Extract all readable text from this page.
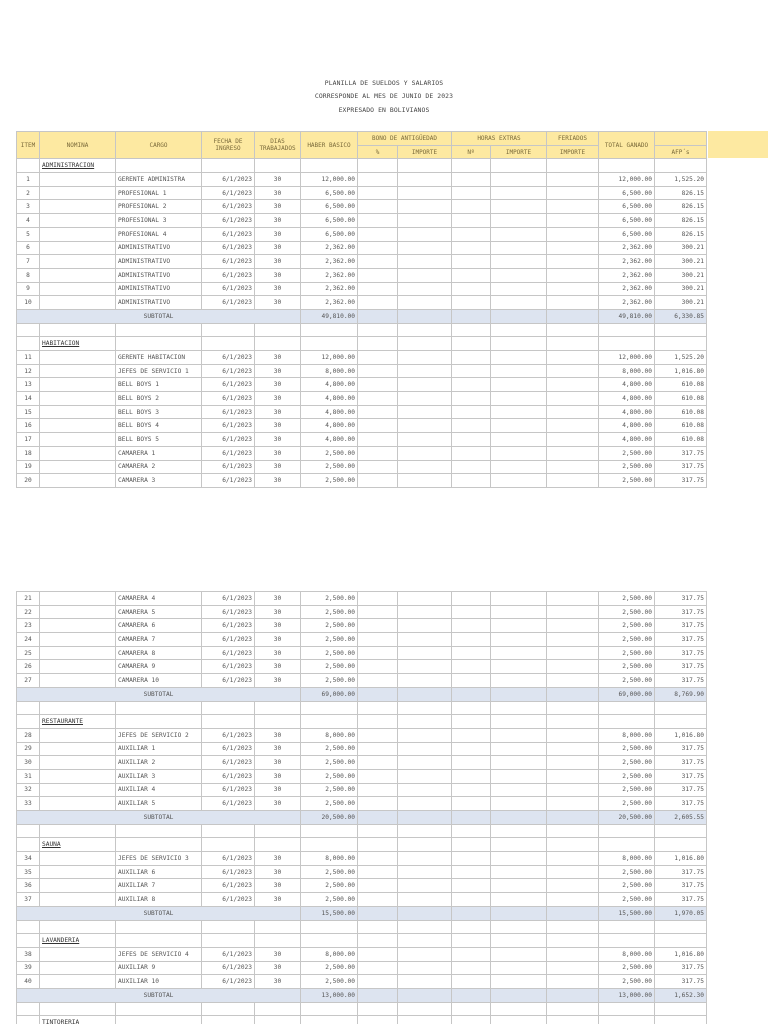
PLANILLA DE SUELDOS Y SALARIOS
CORRESPONDE AL MES DE JUNIO DE 2023
EXPRESADO EN BOLIVIANOS
ITEM	NOMINA	CARGO	FECHA DE INGRESO	DIAS TRABAJADOS	HABER BASICO	BONO DE ANTIGÜEDAD		HORAS EXTRAS		FERIADOS	TOTAL GANADO	
						%	IMPORTE	Nº	IMPORTE	IMPORTE		AFP´s
	ADMINISTRACION											
1		GERENTE ADMINISTRA	6/1/2023	30	12,000.00						12,000.00	1,525.20
2		PROFESIONAL 1	6/1/2023	30	6,500.00						6,500.00	826.15
3		PROFESIONAL 2	6/1/2023	30	6,500.00						6,500.00	826.15
4		PROFESIONAL 3	6/1/2023	30	6,500.00						6,500.00	826.15
5		PROFESIONAL 4	6/1/2023	30	6,500.00						6,500.00	826.15
6		ADMINISTRATIVO	6/1/2023	30	2,362.00						2,362.00	300.21
7		ADMINISTRATIVO	6/1/2023	30	2,362.00						2,362.00	300.21
8		ADMINISTRATIVO	6/1/2023	30	2,362.00						2,362.00	300.21
9		ADMINISTRATIVO	6/1/2023	30	2,362.00						2,362.00	300.21
10		ADMINISTRATIVO	6/1/2023	30	2,362.00						2,362.00	300.21
SUBTOTAL					49,810.00						49,810.00	6,330.85

	HABITACION											
11		GERENTE HABITACION	6/1/2023	30	12,000.00						12,000.00	1,525.20
12		JEFES DE SERVICIO 1	6/1/2023	30	8,000.00						8,000.00	1,016.80
13		BELL BOYS 1	6/1/2023	30	4,800.00						4,800.00	610.08
14		BELL BOYS 2	6/1/2023	30	4,800.00						4,800.00	610.08
15		BELL BOYS 3	6/1/2023	30	4,800.00						4,800.00	610.08
16		BELL BOYS 4	6/1/2023	30	4,800.00						4,800.00	610.08
17		BELL BOYS 5	6/1/2023	30	4,800.00						4,800.00	610.08
18		CAMARERA 1	6/1/2023	30	2,500.00						2,500.00	317.75
19		CAMARERA 2	6/1/2023	30	2,500.00						2,500.00	317.75
20		CAMARERA 3	6/1/2023	30	2,500.00						2,500.00	317.75
21		CAMARERA 4	6/1/2023	30	2,500.00						2,500.00	317.75
22		CAMARERA 5	6/1/2023	30	2,500.00						2,500.00	317.75
23		CAMARERA 6	6/1/2023	30	2,500.00						2,500.00	317.75
24		CAMARERA 7	6/1/2023	30	2,500.00						2,500.00	317.75
25		CAMARERA 8	6/1/2023	30	2,500.00						2,500.00	317.75
26		CAMARERA 9	6/1/2023	30	2,500.00						2,500.00	317.75
27		CAMARERA 10	6/1/2023	30	2,500.00						2,500.00	317.75
SUBTOTAL					69,000.00						69,000.00	8,769.90

	RESTAURANTE											
28		JEFES DE SERVICIO 2	6/1/2023	30	8,000.00						8,000.00	1,016.80
29		AUXILIAR 1	6/1/2023	30	2,500.00						2,500.00	317.75
30		AUXILIAR 2	6/1/2023	30	2,500.00						2,500.00	317.75
31		AUXILIAR 3	6/1/2023	30	2,500.00						2,500.00	317.75
32		AUXILIAR 4	6/1/2023	30	2,500.00						2,500.00	317.75
33		AUXILIAR 5	6/1/2023	30	2,500.00						2,500.00	317.75
SUBTOTAL					20,500.00						20,500.00	2,605.55

	SAUNA											
34		JEFES DE SERVICIO 3	6/1/2023	30	8,000.00						8,000.00	1,016.80
35		AUXILIAR 6	6/1/2023	30	2,500.00						2,500.00	317.75
36		AUXILIAR 7	6/1/2023	30	2,500.00						2,500.00	317.75
37		AUXILIAR 8	6/1/2023	30	2,500.00						2,500.00	317.75
SUBTOTAL					15,500.00						15,500.00	1,970.05

	LAVANDERIA											
38		JEFES DE SERVICIO 4	6/1/2023	30	8,000.00						8,000.00	1,016.80
39		AUXILIAR 9	6/1/2023	30	2,500.00						2,500.00	317.75
40		AUXILIAR 10	6/1/2023	30	2,500.00						2,500.00	317.75
SUBTOTAL					13,000.00						13,000.00	1,652.30

	TINTORERIA											
